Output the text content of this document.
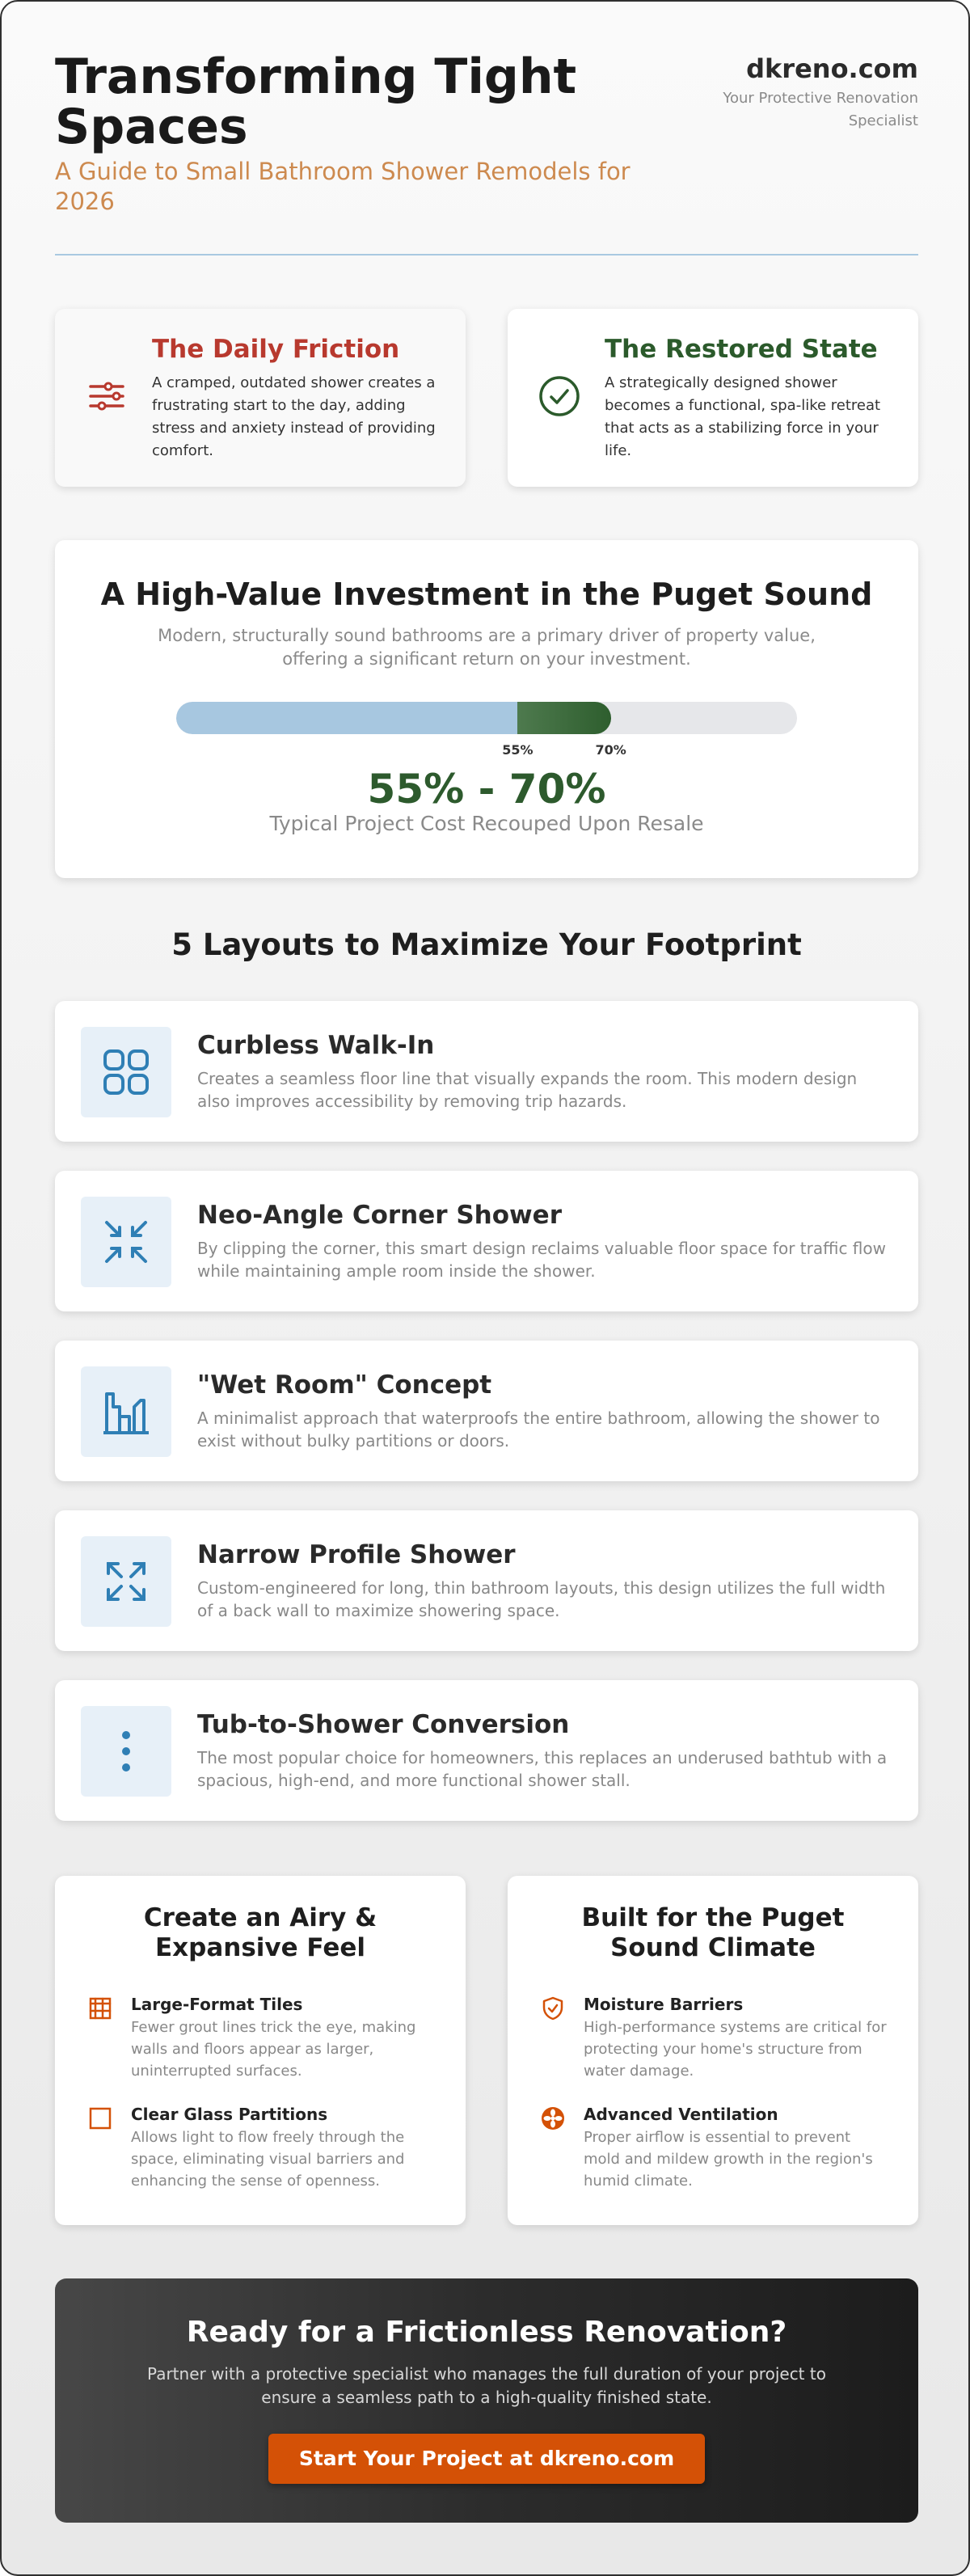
Transforming Tight Spaces
A Guide to Small Bathroom Shower Remodels for 2026
dkreno.com
Your Protective Renovation Specialist
The Daily Friction
A cramped, outdated shower creates a frustrating start to the day, adding stress and anxiety instead of providing comfort.
The Restored State
A strategically designed shower becomes a functional, spa-like retreat that acts as a stabilizing force in your life.
A High-Value Investment in the Puget Sound
Modern, structurally sound bathrooms are a primary driver of property value, offering a significant return on your investment.
55%	70%
55% - 70%
Typical Project Cost Recouped Upon Resale
5 Layouts to Maximize Your Footprint
Curbless Walk-In
Creates a seamless floor line that visually expands the room. This modern design also improves accessibility by removing trip hazards.
Neo-Angle Corner Shower
By clipping the corner, this smart design reclaims valuable floor space for traffic flow while maintaining ample room inside the shower.
"Wet Room" Concept
A minimalist approach that waterproofs the entire bathroom, allowing the shower to exist without bulky partitions or doors.
Narrow Profile Shower
Custom-engineered for long, thin bathroom layouts, this design utilizes the full width of a back wall to maximize showering space.
Tub-to-Shower Conversion
The most popular choice for homeowners, this replaces an underused bathtub with a spacious, high-end, and more functional shower stall.
Create an Airy & Expansive Feel
Large-Format Tiles
Fewer grout lines trick the eye, making walls and floors appear as larger, uninterrupted surfaces.
Clear Glass Partitions
Allows light to flow freely through the space, eliminating visual barriers and enhancing the sense of openness.
Built for the Puget Sound Climate
Moisture Barriers
High-performance systems are critical for protecting your home's structure from water damage.
Advanced Ventilation
Proper airflow is essential to prevent mold and mildew growth in the region's humid climate.
Ready for a Frictionless Renovation?
Partner with a protective specialist who manages the full duration of your project to ensure a seamless path to a high-quality finished state.
Start Your Project at dkreno.com
